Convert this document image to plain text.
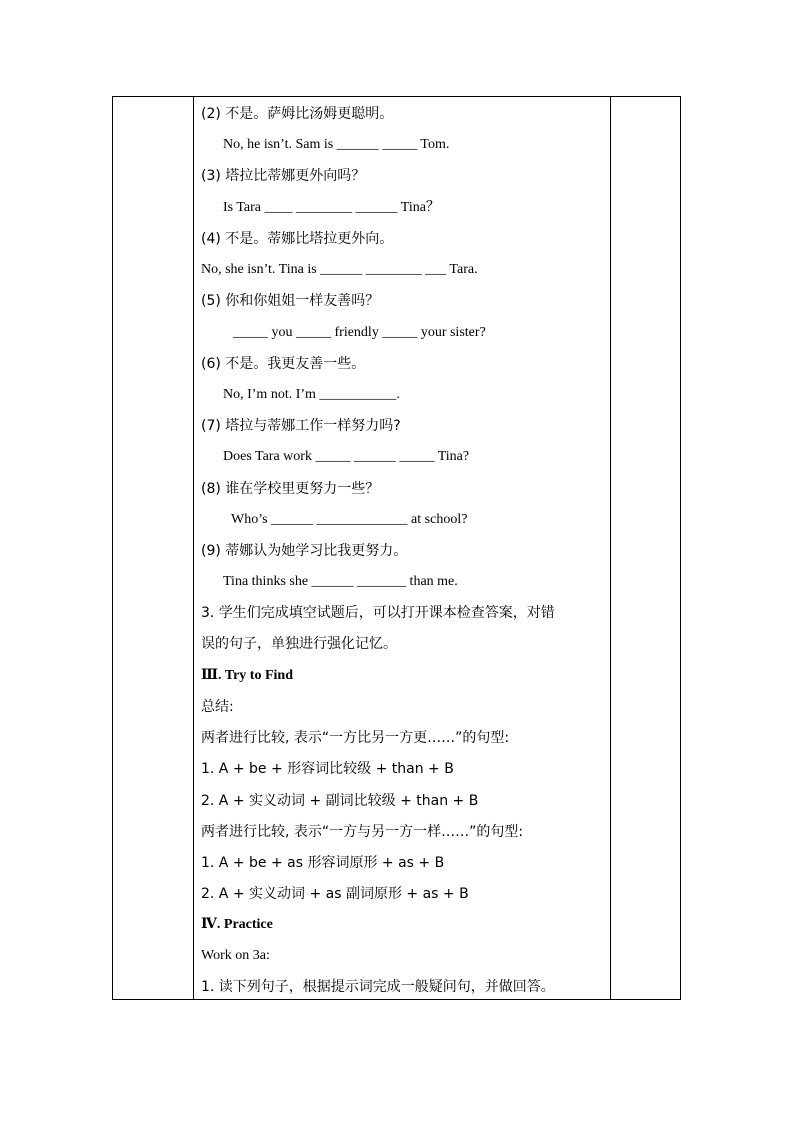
(2) 不是。萨姆比汤姆更聪明。
No, he isn’t. Sam is ______ _____ Tom.
(3) 塔拉比蒂娜更外向吗？
Is Tara ____ ________ ______ Tina？
(4) 不是。蒂娜比塔拉更外向。
No, she isn’t. Tina is ______ ________ ___ Tara.
(5) 你和你姐姐一样友善吗？
_____ you _____ friendly _____ your sister?
(6) 不是。我更友善一些。
No, I’m not. I’m ___________.
(7) 塔拉与蒂娜工作一样努力吗?
Does Tara work _____ ______ _____ Tina?
(8) 谁在学校里更努力一些？
Who’s ______ _____________ at school?
(9) 蒂娜认为她学习比我更努力。
Tina thinks she ______ _______ than me.
3. 学生们完成填空试题后，可以打开课本检查答案，对错
误的句子，单独进行强化记忆。
Ⅲ. Try to Find
总结:
两者进行比较, 表示“一方比另一方更……”的句型:
1. A + be + 形容词比较级 + than + B
2. A + 实义动词 + 副词比较级 + than + B
两者进行比较, 表示“一方与另一方一样……”的句型:
1. A + be + as 形容词原形 + as + B
2. A + 实义动词 + as 副词原形 + as + B
Ⅳ. Practice
Work on 3a:
1. 读下列句子，根据提示词完成一般疑问句，并做回答。
